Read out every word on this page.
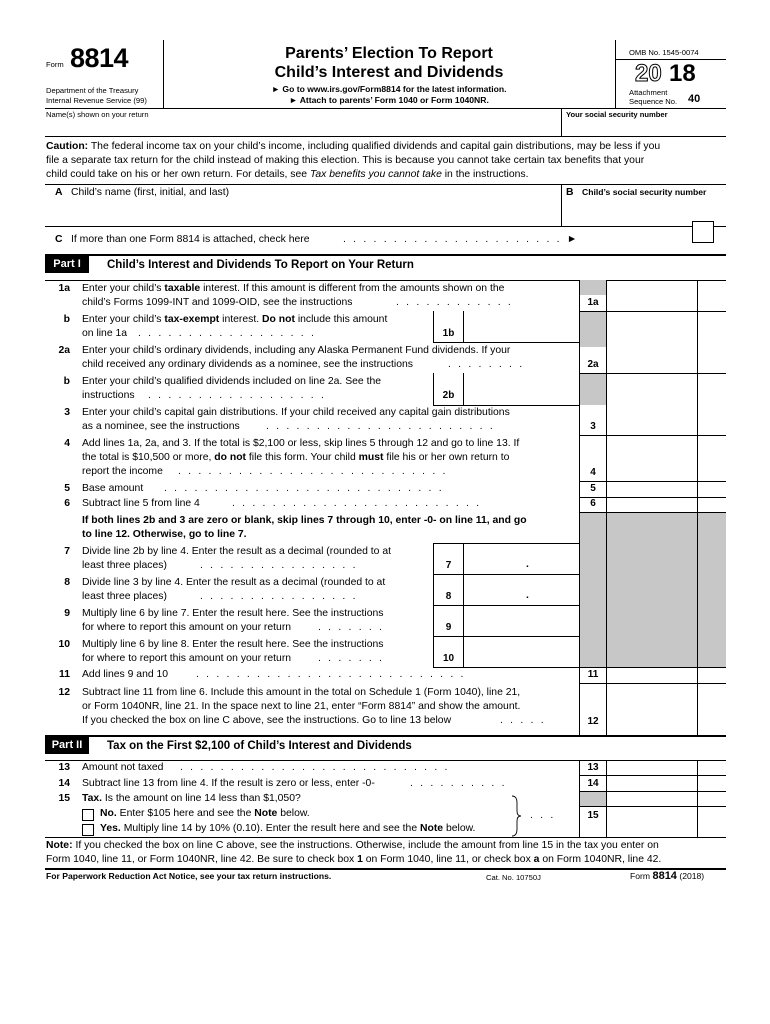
Form 8814
Department of the Treasury
Internal Revenue Service (99)
Parents’ Election To Report
Child’s Interest and Dividends
► Go to www.irs.gov/Form8814 for the latest information.
► Attach to parents’ Form 1040 or Form 1040NR.
OMB No. 1545-0074
20 18
Attachment
Sequence No. 40
Name(s) shown on your return	Your social security number
Caution: The federal income tax on your child’s income, including qualified dividends and capital gain distributions, may be less if you
file a separate tax return for the child instead of making this election. This is because you cannot take certain tax benefits that your
child could take on his or her own return. For details, see Tax benefits you cannot take in the instructions.
A Child’s name (first, initial, and last)	B Child’s social security number
C If more than one Form 8814 is attached, check here	. . . . . . . . . . . . . . . . . . . . . . ►
Part I	Child’s Interest and Dividends To Report on Your Return
1a Enter your child’s taxable interest. If this amount is different from the amounts shown on the
child’s Forms 1099-INT and 1099-OID, see the instructions	. . . . . . . . . . . .	1a
b Enter your child’s tax-exempt interest. Do not include this amount
on line 1a . . . . . . . . . . . . . . . . . .	1b
2a Enter your child’s ordinary dividends, including any Alaska Permanent Fund dividends. If your
child received any ordinary dividends as a nominee, see the instructions	. . . . . . . .	2a
b Enter your child’s qualified dividends included on line 2a. See the
instructions . . . . . . . . . . . . . . . . . .	2b
3 Enter your child’s capital gain distributions. If your child received any capital gain distributions
as a nominee, see the instructions	. . . . . . . . . . . . . . . . . . . . . . .	3
4 Add lines 1a, 2a, and 3. If the total is $2,100 or less, skip lines 5 through 12 and go to line 13. If
the total is $10,500 or more, do not file this form. Your child must file his or her own return to
report the income . . . . . . . . . . . . . . . . . . . . . . . . . . .	4
5 Base amount . . . . . . . . . . . . . . . . . . . . . . . . . . . .	5
6 Subtract line 5 from line 4	. . . . . . . . . . . . . . . . . . . . . . . . .	6
If both lines 2b and 3 are zero or blank, skip lines 7 through 10, enter -0- on line 11, and go
to line 12. Otherwise, go to line 7.
7 Divide line 2b by line 4. Enter the result as a decimal (rounded to at
least three places)	. . . . . . . . . . . . . . . .	7	.
8 Divide line 3 by line 4. Enter the result as a decimal (rounded to at
least three places)	. . . . . . . . . . . . . . . .	8	.
9 Multiply line 6 by line 7. Enter the result here. See the instructions
for where to report this amount on your return	. . . . . . .	9
10 Multiply line 6 by line 8. Enter the result here. See the instructions
for where to report this amount on your return	. . . . . . .	10
11 Add lines 9 and 10	. . . . . . . . . . . . . . . . . . . . . . . . . . .	11
12 Subtract line 11 from line 6. Include this amount in the total on Schedule 1 (Form 1040), line 21,
or Form 1040NR, line 21. In the space next to line 21, enter “Form 8814” and show the amount.
If you checked the box on line C above, see the instructions. Go to line 13 below	. . . . .	12
Part II	Tax on the First $2,100 of Child’s Interest and Dividends
13 Amount not taxed . . . . . . . . . . . . . . . . . . . . . . . . . . .	13
14 Subtract line 13 from line 4. If the result is zero or less, enter -0-	. . . . . . . . . .	14
15 Tax. Is the amount on line 14 less than $1,050?
No. Enter $105 here and see the Note below.
Yes. Multiply line 14 by 10% (0.10). Enter the result here and see the Note below.
. . .	15
Note: If you checked the box on line C above, see the instructions. Otherwise, include the amount from line 15 in the tax you enter on
Form 1040, line 11, or Form 1040NR, line 42. Be sure to check box 1 on Form 1040, line 11, or check box a on Form 1040NR, line 42.
For Paperwork Reduction Act Notice, see your tax return instructions.	Cat. No. 10750J	Form 8814 (2018)
